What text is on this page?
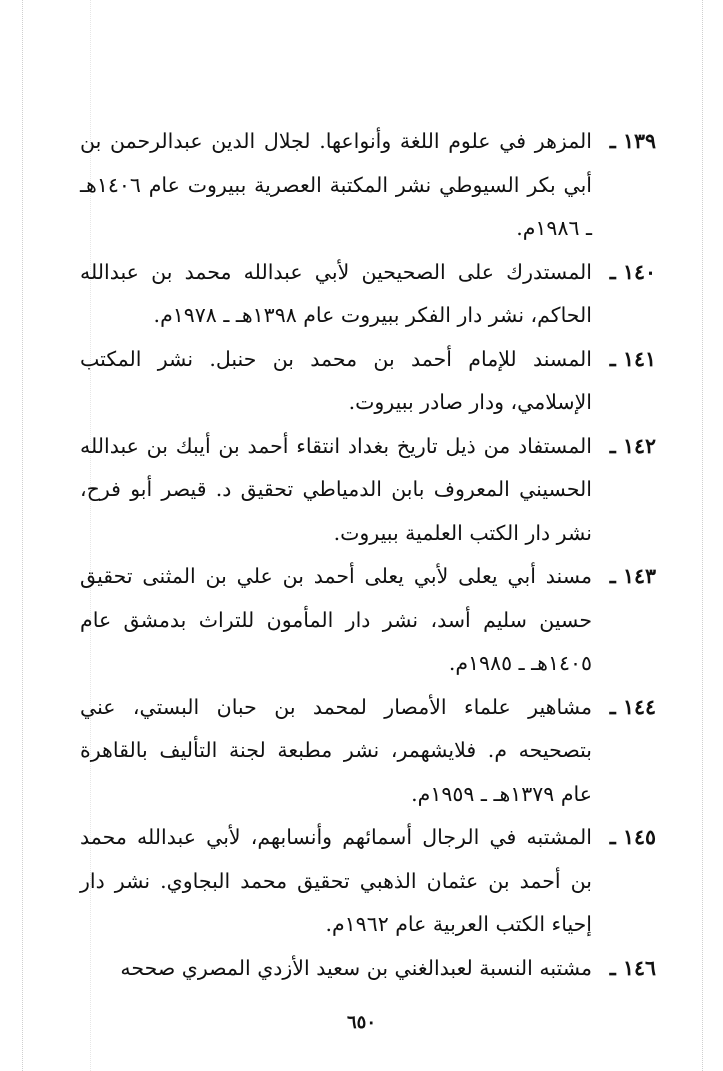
١٣٩ ـ
المزهر في علوم اللغة وأنواعها. لجلال الدين عبدالرحمن بن أبي بكر السيوطي نشر المكتبة العصرية ببيروت عام ١٤٠٦هـ ـ ١٩٨٦م.
١٤٠ ـ
المستدرك على الصحيحين لأبي عبدالله محمد بن عبدالله الحاكم، نشر دار الفكر ببيروت عام ١٣٩٨هـ ـ ١٩٧٨م.
١٤١ ـ
المسند للإمام أحمد بن محمد بن حنبل. نشر المكتب الإسلامي، ودار صادر ببيروت.
١٤٢ ـ
المستفاد من ذيل تاريخ بغداد انتقاء أحمد بن أيبك بن عبدالله الحسيني المعروف بابن الدمياطي تحقيق د. قيصر أبو فرح، نشر دار الكتب العلمية ببيروت.
١٤٣ ـ
مسند أبي يعلى لأبي يعلى أحمد بن علي بن المثنى تحقيق حسين سليم أسد، نشر دار المأمون للتراث بدمشق عام ١٤٠٥هـ ـ ١٩٨٥م.
١٤٤ ـ
مشاهير علماء الأمصار لمحمد بن حبان البستي، عني بتصحيحه م. فلايشهمر، نشر مطبعة لجنة التأليف بالقاهرة عام ١٣٧٩هـ ـ ١٩٥٩م.
١٤٥ ـ
المشتبه في الرجال أسمائهم وأنسابهم، لأبي عبدالله محمد بن أحمد بن عثمان الذهبي تحقيق محمد البجاوي. نشر دار إحياء الكتب العربية عام ١٩٦٢م.
١٤٦ ـ
مشتبه النسبة لعبدالغني بن سعيد الأزدي المصري صححه
٦٥٠
